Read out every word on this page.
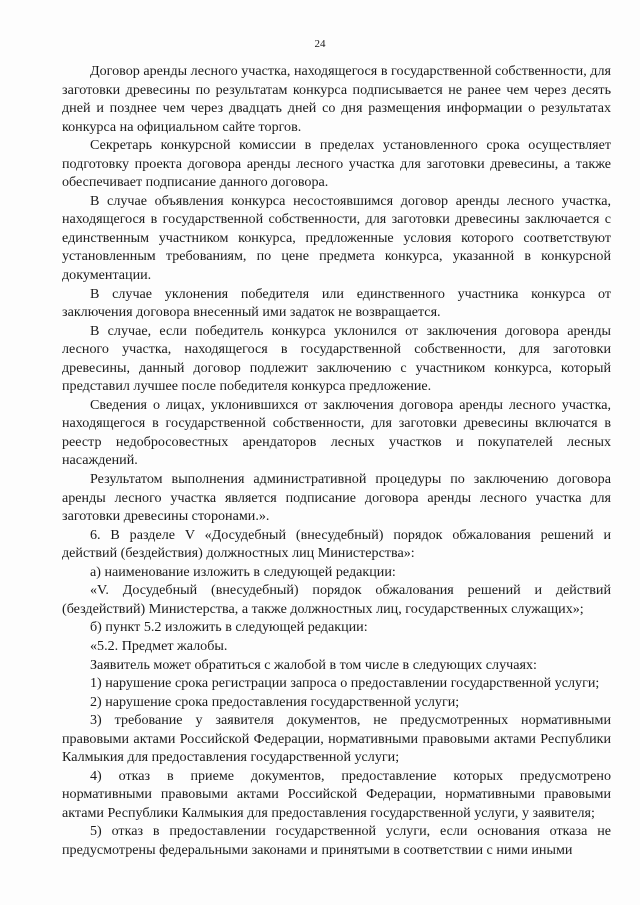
24

Договор аренды лесного участка, находящегося в государственной собственности, для заготовки древесины по результатам конкурса подписывается не ранее чем через десять дней и позднее чем через двадцать дней со дня размещения информации о результатах конкурса на официальном сайте торгов.

Секретарь конкурсной комиссии в пределах установленного срока осуществляет подготовку проекта договора аренды лесного участка для заготовки древесины, а также обеспечивает подписание данного договора.

В случае объявления конкурса несостоявшимся договор аренды лесного участка, находящегося в государственной собственности, для заготовки древесины заключается с единственным участником конкурса, предложенные условия которого соответствуют установленным требованиям, по цене предмета конкурса, указанной в конкурсной документации.

В случае уклонения победителя или единственного участника конкурса от заключения договора внесенный ими задаток не возвращается.

В случае, если победитель конкурса уклонился от заключения договора аренды лесного участка, находящегося в государственной собственности, для заготовки древесины, данный договор подлежит заключению с участником конкурса, который представил лучшее после победителя конкурса предложение.

Сведения о лицах, уклонившихся от заключения договора аренды лесного участка, находящегося в государственной собственности, для заготовки древесины включатся в реестр недобросовестных арендаторов лесных участков и покупателей лесных насаждений.

Результатом выполнения административной процедуры по заключению договора аренды лесного участка является подписание договора аренды лесного участка для заготовки древесины сторонами.».

6. В разделе V «Досудебный (внесудебный) порядок обжалования решений и действий (бездействия) должностных лиц Министерства»:

а) наименование изложить в следующей редакции:

«V. Досудебный (внесудебный) порядок обжалования решений и действий (бездействий) Министерства, а также должностных лиц, государственных служащих»;

б) пункт 5.2 изложить в следующей редакции:

«5.2. Предмет жалобы.

Заявитель может обратиться с жалобой в том числе в следующих случаях:

1) нарушение срока регистрации запроса о предоставлении государственной услуги;

2) нарушение срока предоставления государственной услуги;

3) требование у заявителя документов, не предусмотренных нормативными правовыми актами Российской Федерации, нормативными правовыми актами Республики Калмыкия для предоставления государственной услуги;

4) отказ в приеме документов, предоставление которых предусмотрено нормативными правовыми актами Российской Федерации, нормативными правовыми актами Республики Калмыкия для предоставления государственной услуги, у заявителя;

5) отказ в предоставлении государственной услуги, если основания отказа не предусмотрены федеральными законами и принятыми в соответствии с ними иными
